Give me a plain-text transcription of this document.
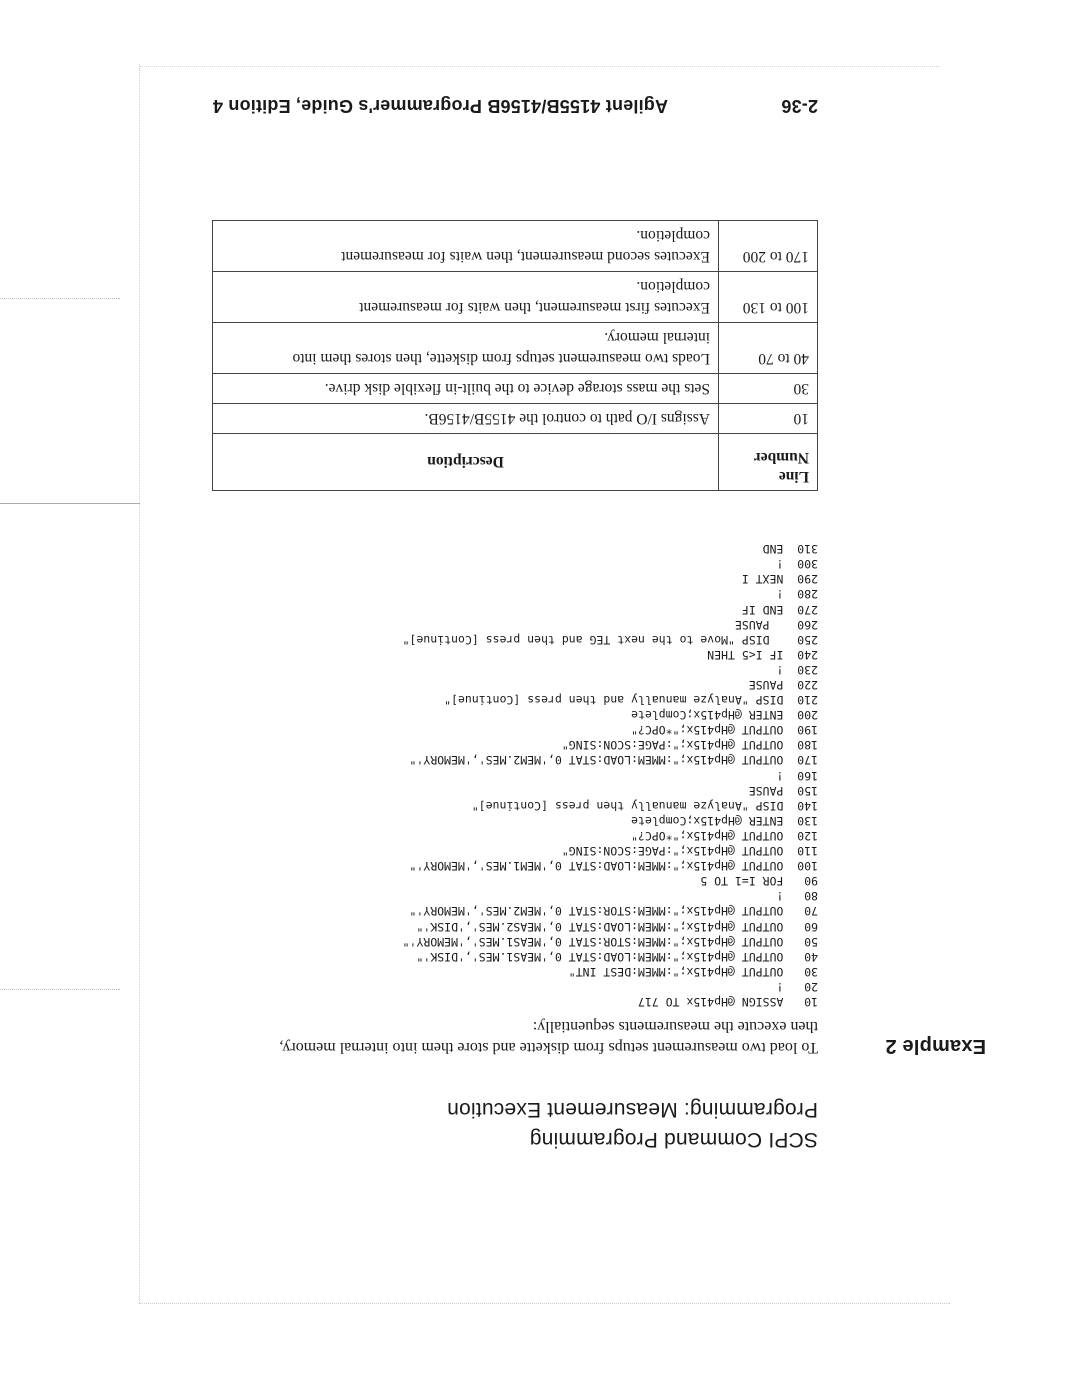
SCPI Command Programming
Programming: Measurement Execution
Example 2
To load two measurement setups from diskette and store them into internal memory,
then execute the measurements sequentially:
10   ASSIGN @Hp415x TO 717
20   !
30   OUTPUT @Hp415x;":MMEM:DEST INT"
40   OUTPUT @Hp415x;":MMEM:LOAD:STAT 0,'MEAS1.MES','DISK'"
50   OUTPUT @Hp415x;":MMEM:STOR:STAT 0,'MEAS1.MES','MEMORY'"
60   OUTPUT @Hp415x;":MMEM:LOAD:STAT 0,'MEAS2.MES','DISK'"
70   OUTPUT @Hp415x;":MMEM:STOR:STAT 0,'MEM2.MES','MEMORY'"
80   !
90   FOR I=1 TO 5
100  OUTPUT @Hp415x;":MMEM:LOAD:STAT 0,'MEM1.MES','MEMORY'"
110  OUTPUT @Hp415x;":PAGE:SCON:SING"
120  OUTPUT @Hp415x;"*OPC?"
130  ENTER @Hp415x;Complete
140  DISP "Analyze manually then press [Continue]"
150  PAUSE
160  !
170  OUTPUT @Hp415x;":MMEM:LOAD:STAT 0,'MEM2.MES','MEMORY'"
180  OUTPUT @Hp415x;":PAGE:SCON:SING"
190  OUTPUT @Hp415x;"*OPC?"
200  ENTER @Hp415x;Complete
210  DISP "Analyze manually and then press [Continue]"
220  PAUSE
230  !
240  IF I<5 THEN
250    DISP "Move to the next TEG and then press [Continue]"
260    PAUSE
270  END IF
280  !
290  NEXT I
300  !
310  END
Line
Number	Description
10	Assigns I/O path to control the 4155B/4156B.
30	Sets the mass storage device to the built-in flexible disk drive.
40 to 70	Loads two measurement setups from diskette, then stores them into
internal memory.
100 to 130	Executes first measurement, then waits for measurement
completion.
170 to 200	Executes second measurement, then waits for measurement
completion.
2-36
Agilent 4155B/4156B Programmer's Guide, Edition 4
